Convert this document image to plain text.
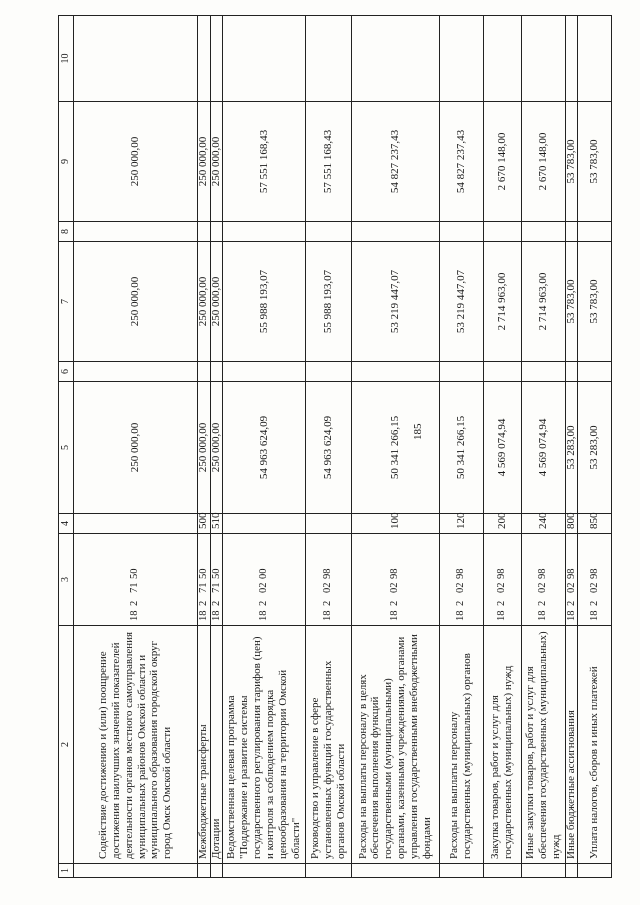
185
1	2	3	4	5	6	7	8	9	10
	Содействие достижению и (или) поощрение достижения наилучших значений показателей деятельности органов местного самоуправления муниципальных районов Омской области и муниципального образования городской округ город Омск Омской области	1827150		250 000,00		250 000,00		250 000,00	
	Межбюджетные трансферты	1827150	500	250 000,00		250 000,00		250 000,00	
	Дотации	1827150	510	250 000,00		250 000,00		250 000,00	
	Ведомственная целевая программа "Поддержание и развитие системы государственного регулирования тарифов (цен) и контроля за соблюдением порядка ценообразования на территории Омской области"	1820200		54 963 624,09		55 988 193,07		57 551 168,43	
	Руководство и управление в сфере установленных функций государственных органов Омской области	1820298		54 963 624,09		55 988 193,07		57 551 168,43	
	Расходы на выплаты персоналу в целях обеспечения выполнения функций государственными (муниципальными) органами, казенными учреждениями, органами управления государственными внебюджетными фондами	1820298	100	50 341 266,15		53 219 447,07		54 827 237,43	
	Расходы на выплаты персоналу государственных (муниципальных) органов	1820298	120	50 341 266,15		53 219 447,07		54 827 237,43	
	Закупка товаров, работ и услуг для государственных (муниципальных) нужд	1820298	200	4 569 074,94		2 714 963,00		2 670 148,00	
	Иные закупки товаров, работ и услуг для обеспечения государственных (муниципальных) нужд	1820298	240	4 569 074,94		2 714 963,00		2 670 148,00	
	Иные бюджетные ассигнования	1820298	800	53 283,00		53 783,00		53 783,00	
	Уплата налогов, сборов и иных платежей	1820298	850	53 283,00		53 783,00		53 783,00	
